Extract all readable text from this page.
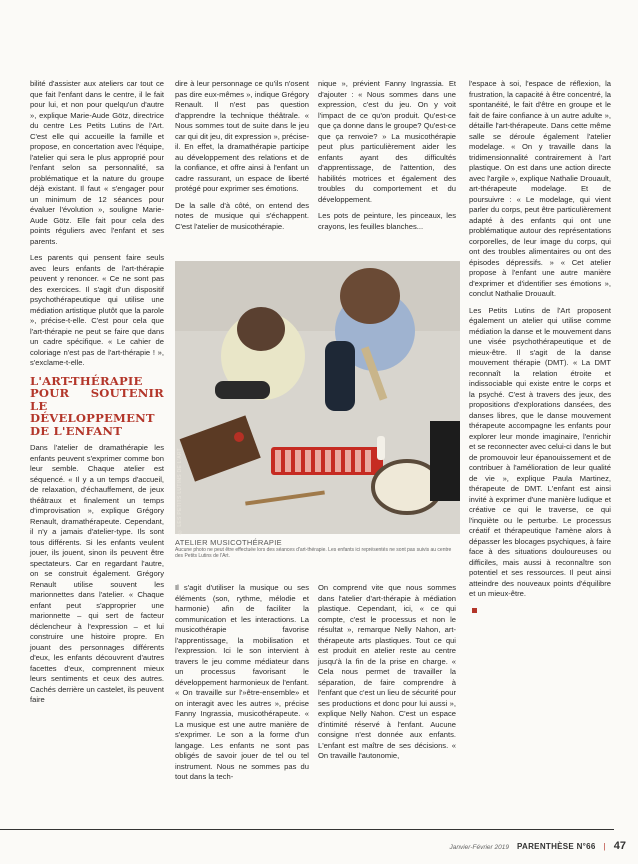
bilité d'assister aux ateliers car tout ce que fait l'enfant dans le centre, il le fait pour lui, et non pour quelqu'un d'autre », explique Marie-Aude Götz, directrice du centre Les Petits Lutins de l'Art. C'est elle qui accueille la famille et propose, en concertation avec l'équipe, l'atelier qui sera le plus approprié pour l'enfant selon sa personnalité, sa problématique et la nature du groupe déjà existant. Il faut « s'engager pour un minimum de 12 séances pour évaluer l'évolution », souligne Marie-Aude Götz. Elle fait pour cela des points réguliers avec l'enfant et ses parents.

Les parents qui pensent faire seuls avec leurs enfants de l'art-thérapie peuvent y renoncer. « Ce ne sont pas des exercices. Il s'agit d'un dispositif psychothérapeutique qui utilise une médiation artistique plutôt que la parole », précise-t-elle. C'est pour cela que l'art-thérapie ne peut se faire que dans un cadre spécifique. « Le cahier de coloriage n'est pas de l'art-thérapie ! », s'exclame-t-elle.

L'ART-THÉRAPIE POUR SOUTENIR LE DÉVELOPPEMENT DE L'ENFANT

Dans l'atelier de dramathérapie les enfants peuvent s'exprimer comme bon leur semble. Chaque atelier est séquencé. « Il y a un temps d'accueil, de relaxation, d'échauffement, de jeux théâtraux et finalement un temps d'improvisation », explique Grégory Renault, dramathérapeute. Cependant, il n'y a jamais d'atelier-type. Ils sont tous différents. Si les enfants veulent jouer, ils jouent, sinon ils peuvent être spectateurs. Car en regardant l'autre, on se construit également. Grégory Renault utilise souvent les marionnettes dans l'atelier. « Chaque enfant peut s'approprier une marionnette – qui sert de facteur déclencheur à l'expression – et lui construire une histoire propre. En jouant des personnages différents d'eux, les enfants découvrent d'autres facettes d'eux, comprennent mieux leurs sentiments et ceux des autres. Cachés derrière un castelet, ils peuvent faire

dire à leur personnage ce qu'ils n'osent pas dire eux-mêmes », indique Grégory Renault. Il n'est pas question d'apprendre la technique théâtrale. « Nous sommes tout de suite dans le jeu car qui dit jeu, dit expression », précise-il. En effet, la dramathérapie participe au développement des relations et de la confiance, et offre ainsi à l'enfant un cadre rassurant, un espace de liberté protégé pour exprimer ses émotions.

De la salle d'à côté, on entend des notes de musique qui s'échappent. C'est l'atelier de musicothérapie.

nique », prévient Fanny Ingrassia. Et d'ajouter : « Nous sommes dans une expression, c'est du jeu. On y voit l'impact de ce qu'on produit. Qu'est-ce que ça donne dans le groupe? Qu'est-ce que ça renvoie? » La musicothérapie peut plus particulièrement aider les enfants ayant des difficultés d'apprentissage, de l'attention, des habilités motrices et également des troubles du comportement et du développement.

Les pots de peinture, les pinceaux, les crayons, les feuilles blanches...

l'espace à soi, l'espace de réflexion, la frustration, la capacité à être concentré, la spontanéité, le fait d'être en groupe et le fait de faire confiance à un autre adulte », détaille l'art-thérapeute. Dans cette même salle se déroule également l'atelier modelage. « On y travaille dans la tridimensionnalité contrairement à l'art plastique. On est dans une action directe avec l'argile », explique Nathalie Drouault, art-thérapeute modelage. Et de poursuivre : « Le modelage, qui vient parler du corps, peut être particulièrement adapté à des enfants qui ont une problématique autour des représentations corporelles, de leur image du corps, qui ont des troubles alimentaires ou ont des épisodes dépressifs. » « Cet atelier propose à l'enfant une autre manière d'exprimer et d'identifier ses émotions », conclut Nathalie Drouault.

Les Petits Lutins de l'Art proposent également un atelier qui utilise comme médiation la danse et le mouvement dans une visée psychothérapeutique et de mieux-être. Il s'agit de la danse mouvement thérapie (DMT). « La DMT reconnaît la relation étroite et indissociable qui existe entre le corps et la psyché. C'est à travers des jeux, des propositions d'explorations dansées, des danses libres, que le danse mouvement thérapeute accompagne les enfants pour explorer leur monde imaginaire, l'enrichir et se reconnecter avec celui-ci dans le but de promouvoir leur épanouissement et de contribuer à l'amélioration de leur qualité de vie », explique Paula Martinez, thérapeute de DMT. L'enfant est ainsi invité à exprimer d'une manière ludique et créative ce qui le traverse, ce qui l'inquiète ou le perturbe. Le processus créatif et thérapeutique l'amène alors à dépasser les blocages psychiques, à faire face à des situations douloureuses ou difficiles, mais aussi à reconnaître son potentiel et ses ressources. Il peut ainsi atteindre des nouveaux points d'équilibre et un mieux-être.

© LES PETITS LUTINS DE L'ART
ATELIER MUSICOTHÉRAPIE
Aucune photo ne peut être effectuée lors des séances d'art-thérapie. Les enfants ici représentés ne sont pas suivis au centre des Petits Lutins de l'Art.

Il s'agit d'utiliser la musique ou ses éléments (son, rythme, mélodie et harmonie) afin de faciliter la communication et les interactions. La musicothérapie favorise l'apprentissage, la mobilisation et l'expression. Ici le son intervient à travers le jeu comme médiateur dans un processus favorisant le développement harmonieux de l'enfant. « On travaille sur l'»être-ensemble» et on interagit avec les autres », précise Fanny Ingrassia, musicothérapeute. « La musique est une autre manière de s'exprimer. Le son a la forme d'un langage. Les enfants ne sont pas obligés de savoir jouer de tel ou tel instrument. Nous ne sommes pas du tout dans la tech-

On comprend vite que nous sommes dans l'atelier d'art-thérapie à médiation plastique. Cependant, ici, « ce qui compte, c'est le processus et non le résultat », remarque Nelly Nahon, art-thérapeute arts plastiques. Tout ce qui est produit en atelier reste au centre jusqu'à la fin de la prise en charge. « Cela nous permet de travailler la séparation, de faire comprendre à l'enfant que c'est un lieu de sécurité pour ses productions et donc pour lui aussi », explique Nelly Nahon. C'est un espace d'intimité réservé à l'enfant. Aucune consigne n'est donnée aux enfants. L'enfant est maître de ses décisions. « On travaille l'autonomie,

Janvier-Février 2019 PARENTHÈSE N°66 | 47
